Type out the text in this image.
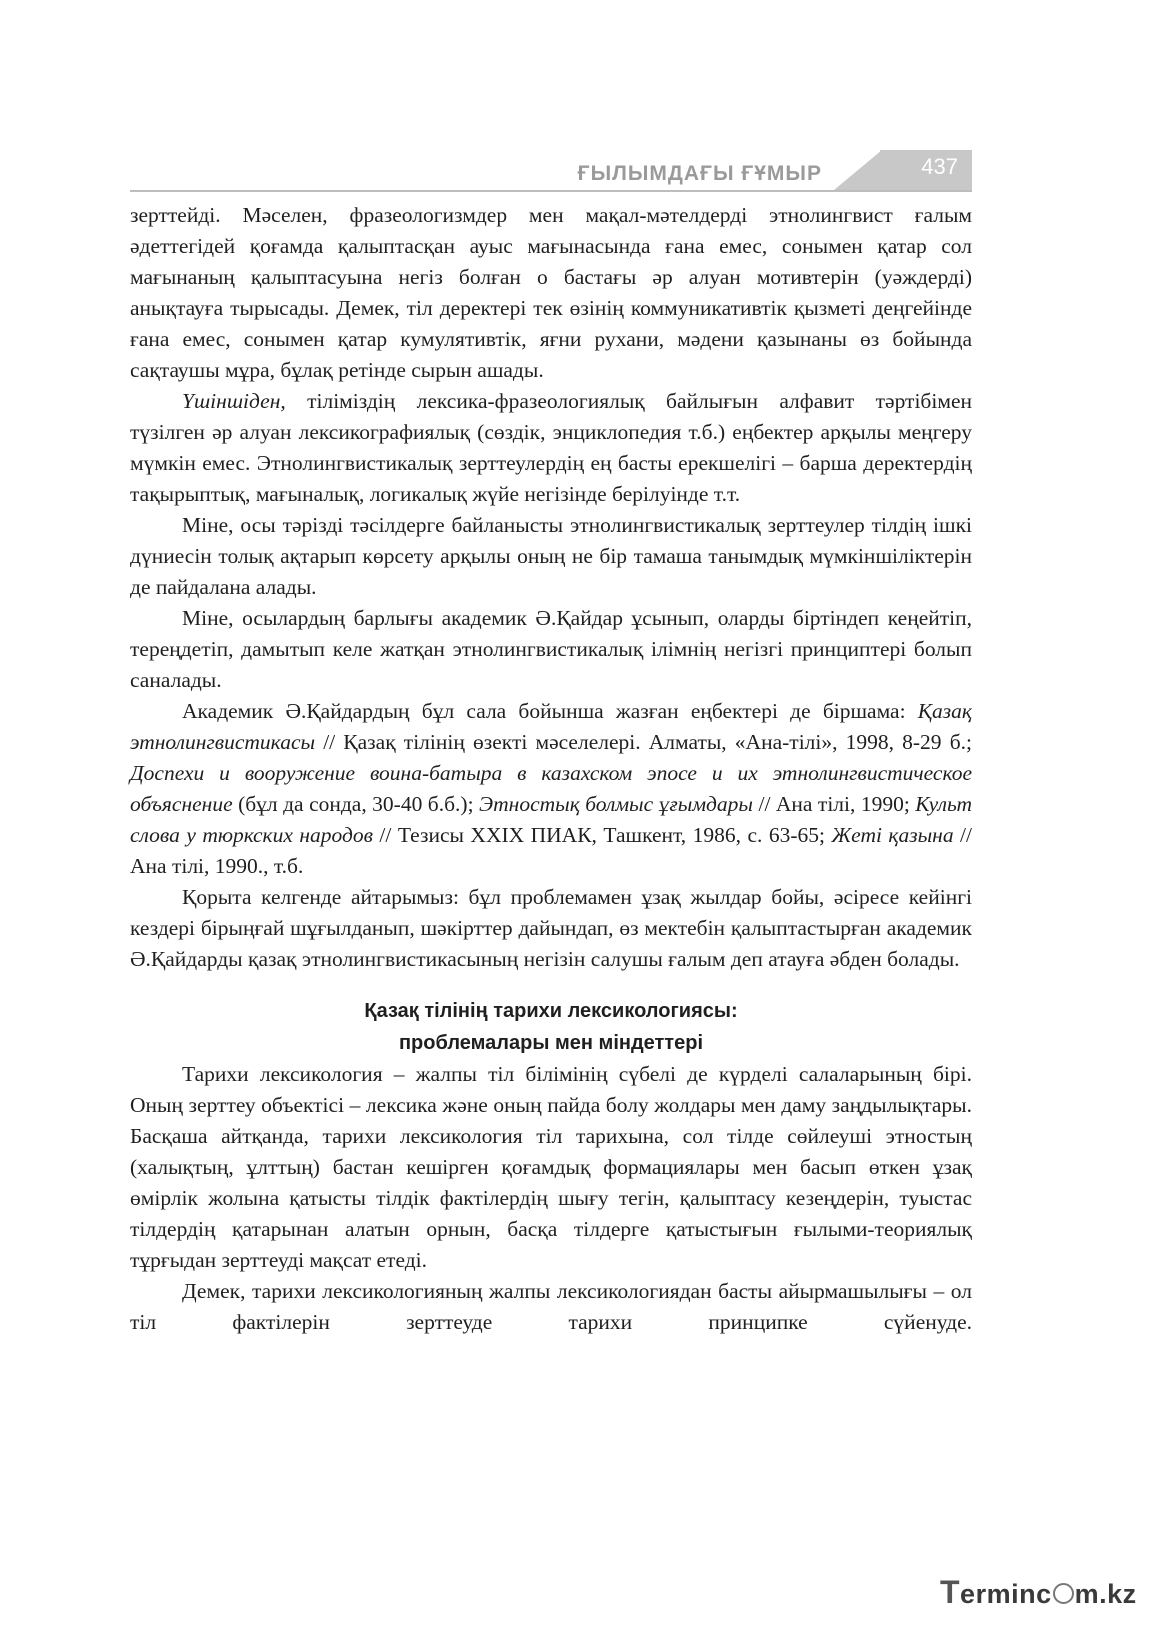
437
ҒЫЛЫМДАҒЫ ҒҰМЫР

зерттейді. Мәселен, фразеологизмдер мен мақал-мәтелдерді этнолингвист ғалым әдеттегідей қоғамда қалыптасқан ауыс мағынасында ғана емес, сонымен қатар сол мағынаның қалыптасуына негіз болған о бастағы әр алуан мотивтерін (уәждерді) анықтауға тырысады. Демек, тіл деректері тек өзінің коммуникативтік қызметі деңгейінде ғана емес, сонымен қатар кумулятивтік, яғни рухани, мәдени қазынаны өз бойында сақтаушы мұра, бұлақ ретінде сырын ашады.

Үшіншіден, тіліміздің лексика-фразеологиялық байлығын алфавит тәртібімен түзілген әр алуан лексикографиялық (сөздік, энциклопедия т.б.) еңбектер арқылы меңгеру мүмкін емес. Этнолингвистикалық зерттеулердің ең басты ерекшелігі – барша деректердің тақырыптық, мағыналық, логикалық жүйе негізінде берілуінде т.т.

Міне, осы тәрізді тәсілдерге байланысты этнолингвистикалық зерттеулер тілдің ішкі дүниесін толық ақтарып көрсету арқылы оның не бір тамаша танымдық мүмкіншіліктерін де пайдалана алады.

Міне, осылардың барлығы академик Ә.Қайдар ұсынып, оларды біртіндеп кеңейтіп, тереңдетіп, дамытып келе жатқан этнолингвистикалық ілімнің негізгі принциптері болып саналады.

Академик Ә.Қайдардың бұл сала бойынша жазған еңбектері де біршама: Қазақ этнолингвистикасы // Қазақ тілінің өзекті мәселелері. Алматы, «Ана-тілі», 1998, 8-29 б.; Доспехи и вооружение воина-батыра в казахском эпосе и их этнолингвистическое объяснение (бұл да сонда, 30-40 б.б.); Этностық болмыс ұғымдары // Ана тілі, 1990; Культ слова у тюркских народов // Тезисы XXIX ПИАК, Ташкент, 1986, с. 63-65; Жеті қазына // Ана тілі, 1990., т.б.

Қорыта келгенде айтарымыз: бұл проблемамен ұзақ жылдар бойы, әсіресе кейінгі кездері бірыңғай шұғылданып, шәкірттер дайындап, өз мектебін қалыптастырған академик Ә.Қайдарды қазақ этнолингвистикасының негізін салушы ғалым деп атауға әбден болады.

Қазақ тілінің тарихи лексикологиясы:
проблемалары мен міндеттері

Тарихи лексикология – жалпы тіл білімінің сүбелі де күрделі салаларының бірі. Оның зерттеу объектісі – лексика және оның пайда болу жолдары мен даму заңдылықтары. Басқаша айтқанда, тарихи лексикология тіл тарихына, сол тілде сөйлеуші этностың (халықтың, ұлттың) бастан кешірген қоғамдық формациялары мен басып өткен ұзақ өмірлік жолына қатысты тілдік фактілердің шығу тегін, қалыптасу кезеңдерін, туыстас тілдердің қатарынан алатын орнын, басқа тілдерге қатыстығын ғылыми-теориялық тұрғыдан зерттеуді мақсат етеді.

Демек, тарихи лексикологияның жалпы лексикологиядан басты айырмашылығы – ол тіл фактілерін зерттеуде тарихи принципке сүйенуде.

Terminc m.kz
